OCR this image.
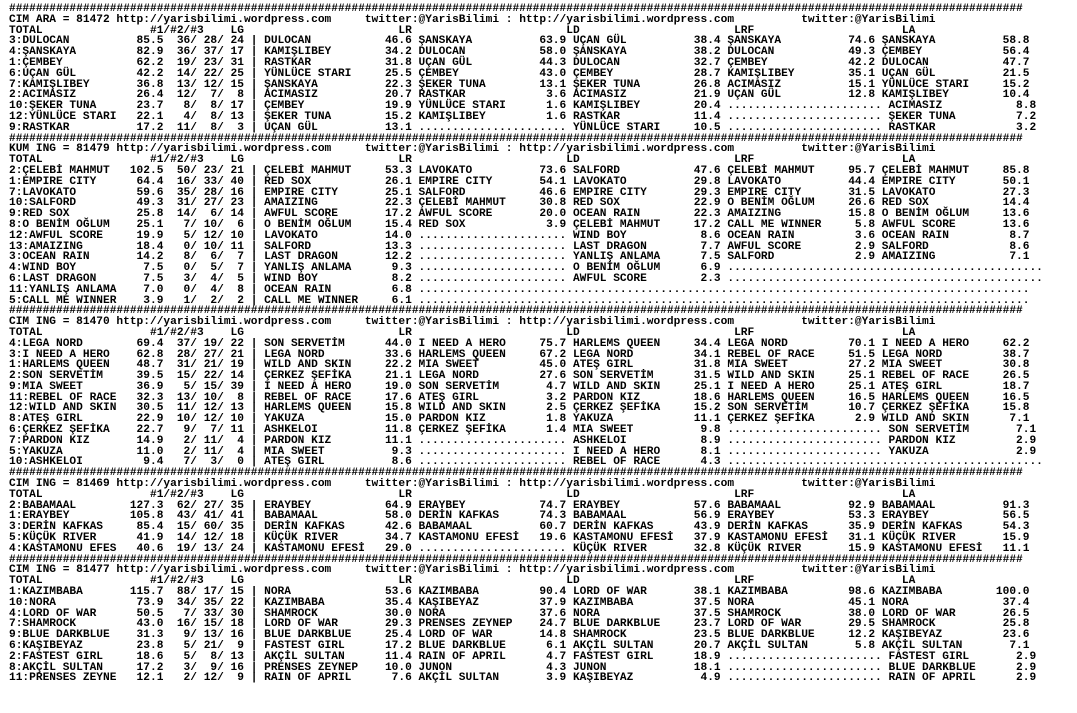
#######################################################################################################################################################
CIM ARA = 81472 http://yarisbilimi.wordpress.com     twitter:@YarisBilimi : http://yarisbilimi.wordpress.com          twitter:@YarisBilimi
TOTAL                #1/#2/#3    LG                       LR                       LD                       LRF                      LA
3:DULOCAN          85.5  36/ 28/ 24 | DULOCAN           46.6 ŞANSKAYA          63.9 UÇAN GÜL          38.4 ŞANSKAYA          74.6 ŞANSKAYA          58.8
4:ŞANSKAYA         82.9  36/ 37/ 17 | KAMIŞLIBEY        34.2 DULOCAN           58.0 ŞANSKAYA          38.2 DULOCAN           49.3 ÇEMBEY            56.4
1:ÇEMBEY           62.2  19/ 23/ 31 | RASTKAR           31.8 UÇAN GÜL          44.3 DULOCAN           32.7 ÇEMBEY            42.2 DULOCAN           47.7
6:UÇAN GÜL         42.2  14/ 22/ 25 | YÜNLÜCE STARI     25.5 ÇEMBEY            43.0 ÇEMBEY            28.7 KAMIŞLIBEY        35.1 UÇAN GÜL          21.5
7:KAMIŞLIBEY       36.8  13/ 12/ 15 | ŞANSKAYA          22.3 ŞEKER TUNA        13.1 ŞEKER TUNA        26.8 ACIMASIZ          15.1 YÜNLÜCE STARI     15.2
2:ACIMASIZ         26.4  12/  7/  8 | ACIMASIZ          20.7 RASTKAR            3.6 ACIMASIZ          21.9 UÇAN GÜL          12.8 KAMIŞLIBEY        10.4
10:ŞEKER TUNA      23.7   8/  8/ 17 | ÇEMBEY            19.9 YÜNLÜCE STARI      1.6 KAMIŞLIBEY        20.4 ....................... ACIMASIZ           8.8
12:YÜNLÜCE STARI   22.1   4/  8/ 13 | ŞEKER TUNA        15.2 KAMIŞLIBEY         1.6 RASTKAR           11.4 ....................... ŞEKER TUNA         7.2
9:RASTKAR          17.2  11/  8/  3 | UÇAN GÜL          13.1 ...................... YÜNLÜCE STARI     10.5 ....................... RASTKAR            3.2
#######################################################################################################################################################
KUM ING = 81479 http://yarisbilimi.wordpress.com     twitter:@YarisBilimi : http://yarisbilimi.wordpress.com          twitter:@YarisBilimi
TOTAL                #1/#2/#3    LG                       LR                       LD                       LRF                      LA
2:ÇELEBİ MAHMUT   102.5  50/ 23/ 21 | ÇELEBİ MAHMUT     53.3 LAVOKATO          73.6 SALFORD           47.6 ÇELEBİ MAHMUT     95.7 ÇELEBİ MAHMUT     85.8
1:EMPIRE CITY      64.4  16/ 33/ 40 | RED SOX           26.1 EMPIRE CITY       54.1 LAVOKATO          29.8 LAVOKATO          44.4 EMPIRE CITY       50.1
7:LAVOKATO         59.6  35/ 28/ 16 | EMPIRE CITY       25.1 SALFORD           46.6 EMPIRE CITY       29.3 EMPIRE CITY       31.5 LAVOKATO          27.3
10:SALFORD         49.3  31/ 27/ 23 | AMAIZING          22.3 ÇELEBİ MAHMUT     30.8 RED SOX           22.9 O BENİM OĞLUM     26.6 RED SOX           14.4
9:RED SOX          25.8  14/  6/ 14 | AWFUL SCORE       17.2 AWFUL SCORE       20.0 OCEAN RAIN        22.3 AMAIZING          15.8 O BENİM OĞLUM     13.6
8:O BENİM OĞLUM    25.1   7/ 10/  6 | O BENİM OĞLUM     15.4 RED SOX            3.9 ÇELEBİ MAHMUT     17.2 CALL ME WINNER     5.8 AWFUL SCORE       13.6
12:AWFUL SCORE     19.9   5/ 12/ 10 | LAVOKATO          14.0 ...................... WIND BOY           8.6 OCEAN RAIN         3.6 OCEAN RAIN         8.7
13:AMAIZING        18.4   0/ 10/ 11 | SALFORD           13.3 ...................... LAST DRAGON        7.7 AWFUL SCORE        2.9 SALFORD            8.6
3:OCEAN RAIN       14.2   8/  6/  7 | LAST DRAGON       12.2 ...................... YANLIŞ ANLAMA      7.5 SALFORD            2.9 AMAIZING           7.1
4:WIND BOY          7.5   0/  5/  7 | YANLIŞ ANLAMA      9.3 ...................... O BENİM OĞLUM      6.9 ...............................................
6:LAST DRAGON       7.5   3/  4/  5 | WIND BOY           8.2 ...................... AWFUL SCORE        2.3 ...............................................
11:YANLIŞ ANLAMA    7.0   0/  4/  8 | OCEAN RAIN         6.8 ...........................................................................................
5:CALL ME WINNER    3.9   1/  2/  2 | CALL ME WINNER     6.1 ...........................................................................................
#######################################################################################################################################################
CIM ING = 81470 http://yarisbilimi.wordpress.com     twitter:@YarisBilimi : http://yarisbilimi.wordpress.com          twitter:@YarisBilimi
TOTAL                #1/#2/#3    LG                       LR                       LD                       LRF                      LA
4:LEGA NORD        69.4  37/ 19/ 22 | SON SERVETİM      44.0 I NEED A HERO     75.7 HARLEMS QUEEN     34.4 LEGA NORD         70.1 I NEED A HERO     62.2
3:I NEED A HERO    62.8  28/ 27/ 21 | LEGA NORD         33.6 HARLEMS QUEEN     67.2 LEGA NORD         34.1 REBEL OF RACE     51.5 LEGA NORD         38.7
1:HARLEMS QUEEN    48.7  31/ 21/ 19 | WILD AND SKIN     22.2 MIA SWEET         45.0 ATEŞ GIRL         31.8 MIA SWEET         27.2 MIA SWEET         30.8
2:SON SERVETİM     39.5  15/ 22/ 14 | ÇERKEZ ŞEFİKA     21.1 LEGA NORD         27.6 SON SERVETİM      31.5 WILD AND SKIN     25.1 REBEL OF RACE     26.5
9:MIA SWEET        36.9   5/ 15/ 39 | I NEED A HERO     19.0 SON SERVETİM       4.7 WILD AND SKIN     25.1 I NEED A HERO     25.1 ATEŞ GIRL         18.7
11:REBEL OF RACE   32.3  13/ 10/  8 | REBEL OF RACE     17.6 ATEŞ GIRL          3.2 PARDON KIZ        18.6 HARLEMS QUEEN     16.5 HARLEMS QUEEN     16.5
12:WILD AND SKIN   30.5  11/ 12/ 13 | HARLEMS QUEEN     15.8 WILD AND SKIN      2.5 ÇERKEZ ŞEFİKA     15.2 SON SERVETİM      10.7 ÇERKEZ ŞEFİKA     15.8
8:ATEŞ GIRL        22.9  10/ 12/ 10 | YAKUZA            15.0 PARDON KIZ         1.8 YAKUZA            11.1 ÇERKEZ ŞEFİKA      2.9 WILD AND SKIN      7.1
6:ÇERKEZ ŞEFİKA    22.7   9/  7/ 11 | ASHKELOI          11.8 ÇERKEZ ŞEFİKA      1.4 MIA SWEET          9.8 ....................... SON SERVETİM       7.1
7:PARDON KIZ       14.9   2/ 11/  4 | PARDON KIZ        11.1 ...................... ASHKELOI           8.9 ....................... PARDON KIZ         2.9
5:YAKUZA           11.0   2/ 11/  4 | MIA SWEET          9.3 ...................... I NEED A HERO      8.1 ....................... YAKUZA             2.9
10:ASHKELOI         9.4   7/  3/  0 | ATEŞ GIRL          8.6 ...................... REBEL OF RACE      4.3 ...............................................
#######################################################################################################################################################
CIM ING = 81469 http://yarisbilimi.wordpress.com     twitter:@YarisBilimi : http://yarisbilimi.wordpress.com          twitter:@YarisBilimi
TOTAL                #1/#2/#3    LG                       LR                       LD                       LRF                      LA
2:BABAMAAL        127.3  62/ 27/ 35 | ERAYBEY           64.9 ERAYBEY           74.7 ERAYBEY           57.6 BABAMAAL          92.9 BABAMAAL          91.3
1:ERAYBEY         105.8  43/ 41/ 41 | BABAMAAL          58.0 DERİN KAFKAS      74.3 BABAMAAL          56.9 ERAYBEY           53.3 ERAYBEY           56.5
3:DERİN KAFKAS     85.4  15/ 60/ 35 | DERİN KAFKAS      42.6 BABAMAAL          60.7 DERİN KAFKAS      43.9 DERİN KAFKAS      35.9 DERİN KAFKAS      54.3
5:KÜÇÜK RIVER      41.9  14/ 12/ 18 | KÜÇÜK RIVER       34.7 KASTAMONU EFESİ   19.6 KASTAMONU EFESİ   37.9 KASTAMONU EFESİ   31.1 KÜÇÜK RIVER       15.9
4:KASTAMONU EFES   40.6  19/ 13/ 24 | KASTAMONU EFESİ   29.0 ...................... KÜÇÜK RIVER       32.8 KÜÇÜK RIVER       15.9 KASTAMONU EFESİ   11.1
#######################################################################################################################################################
CIM ING = 81477 http://yarisbilimi.wordpress.com     twitter:@YarisBilimi : http://yarisbilimi.wordpress.com          twitter:@YarisBilimi
TOTAL                #1/#2/#3    LG                       LR                       LD                       LRF                      LA
1:KAZIMBABA       115.7  88/ 17/ 15 | NORA              53.6 KAZIMBABA         90.4 LORD OF WAR       38.1 KAZIMBABA         98.6 KAZIMBABA        100.0
10:NORA            73.9  34/ 35/ 22 | KAZIMBABA         35.4 KAŞIBEYAZ         37.9 KAZIMBABA         37.5 NORA              45.1 NORA              37.4
4:LORD OF WAR      50.5   7/ 33/ 30 | SHAMROCK          30.0 NORA              37.6 NORA              37.5 SHAMROCK          38.0 LORD OF WAR       26.5
7:SHAMROCK         43.0  16/ 15/ 18 | LORD OF WAR       29.3 PRENSES ZEYNEP    24.7 BLUE DARKBLUE     23.7 LORD OF WAR       29.5 SHAMROCK          25.8
9:BLUE DARKBLUE    31.3   9/ 13/ 16 | BLUE DARKBLUE     25.4 LORD OF WAR       14.8 SHAMROCK          23.5 BLUE DARKBLUE     12.2 KAŞIBEYAZ         23.6
6:KAŞIBEYAZ        23.8   5/ 21/  9 | FASTEST GIRL      17.2 BLUE DARKBLUE      6.1 AKÇİL SULTAN      20.7 AKÇİL SULTAN       5.8 AKÇİL SULTAN       7.1
2:FASTEST GIRL     18.6   5/  8/ 13 | AKÇİL SULTAN      11.4 RAIN OF APRIL      4.7 FASTEST GIRL      18.9 ....................... FASTEST GIRL       2.9
8:AKÇİL SULTAN     17.2   3/  9/ 16 | PRENSES ZEYNEP    10.0 JUNON              4.3 JUNON             18.1 ....................... BLUE DARKBLUE      2.9
11:PRENSES ZEYNE   12.1   2/ 12/  9 | RAIN OF APRIL      7.6 AKÇİL SULTAN       3.9 KAŞIBEYAZ          4.9 ....................... RAIN OF APRIL      2.9
